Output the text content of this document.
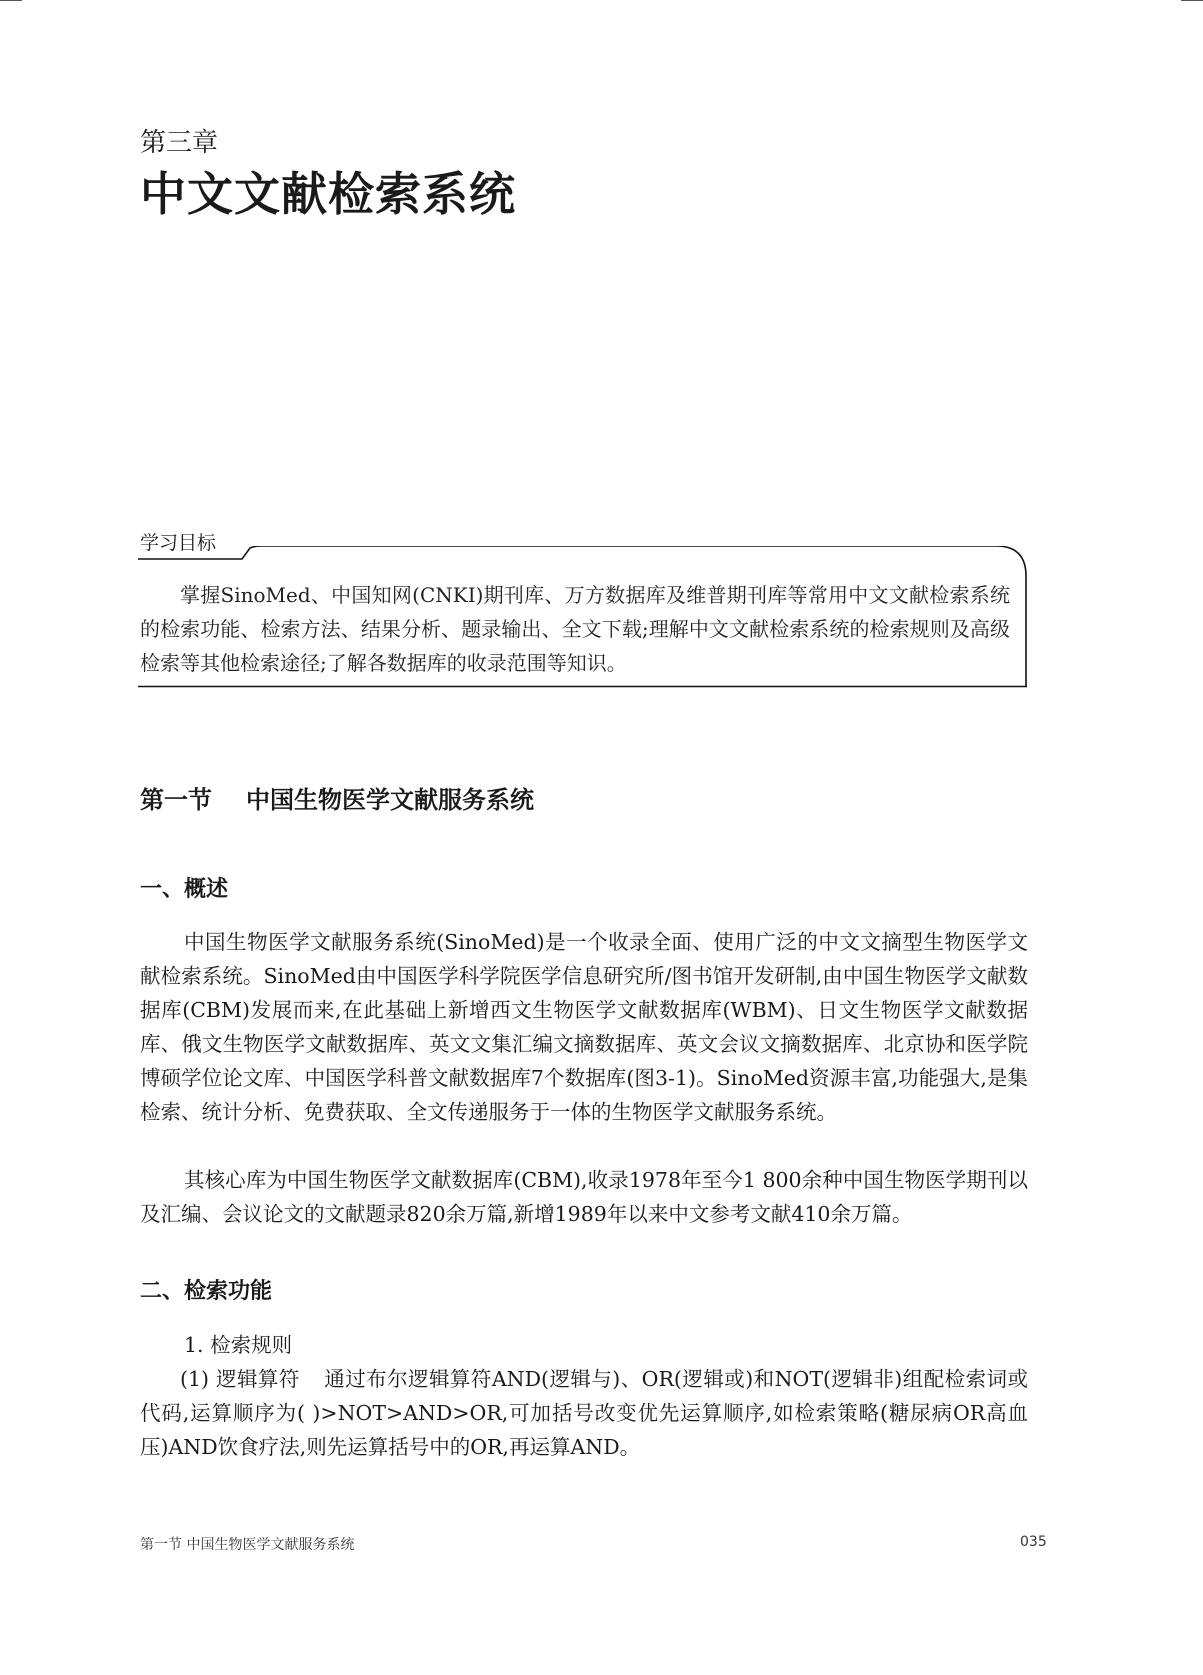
第三章
中文文献检索系统
学习目标

掌握SinoMed、中国知网(CNKI)期刊库、万方数据库及维普期刊库等常用中文文献检索系统的检索功能、检索方法、结果分析、题录输出、全文下载;理解中文文献检索系统的检索规则及高级检索等其他检索途径;了解各数据库的收录范围等知识。

第一节 中国生物医学文献服务系统
一、概述

中国生物医学文献服务系统(SinoMed)是一个收录全面、使用广泛的中文文摘型生物医学文献检索系统。SinoMed由中国医学科学院医学信息研究所/图书馆开发研制,由中国生物医学文献数据库(CBM)发展而来,在此基础上新增西文生物医学文献数据库(WBM)、日文生物医学文献数据库、俄文生物医学文献数据库、英文文集汇编文摘数据库、英文会议文摘数据库、北京协和医学院博硕学位论文库、中国医学科普文献数据库7个数据库(图3-1)。SinoMed资源丰富,功能强大,是集检索、统计分析、免费获取、全文传递服务于一体的生物医学文献服务系统。

其核心库为中国生物医学文献数据库(CBM),收录1978年至今1 800余种中国生物医学期刊以及汇编、会议论文的文献题录820余万篇,新增1989年以来中文参考文献410余万篇。

二、检索功能

1. 检索规则

(1) 逻辑算符 通过布尔逻辑算符AND(逻辑与)、OR(逻辑或)和NOT(逻辑非)组配检索词或代码,运算顺序为( )>NOT>AND>OR,可加括号改变优先运算顺序,如检索策略(糖尿病OR高血压)AND饮食疗法,则先运算括号中的OR,再运算AND。

第一节 中国生物医学文献服务系统	035
